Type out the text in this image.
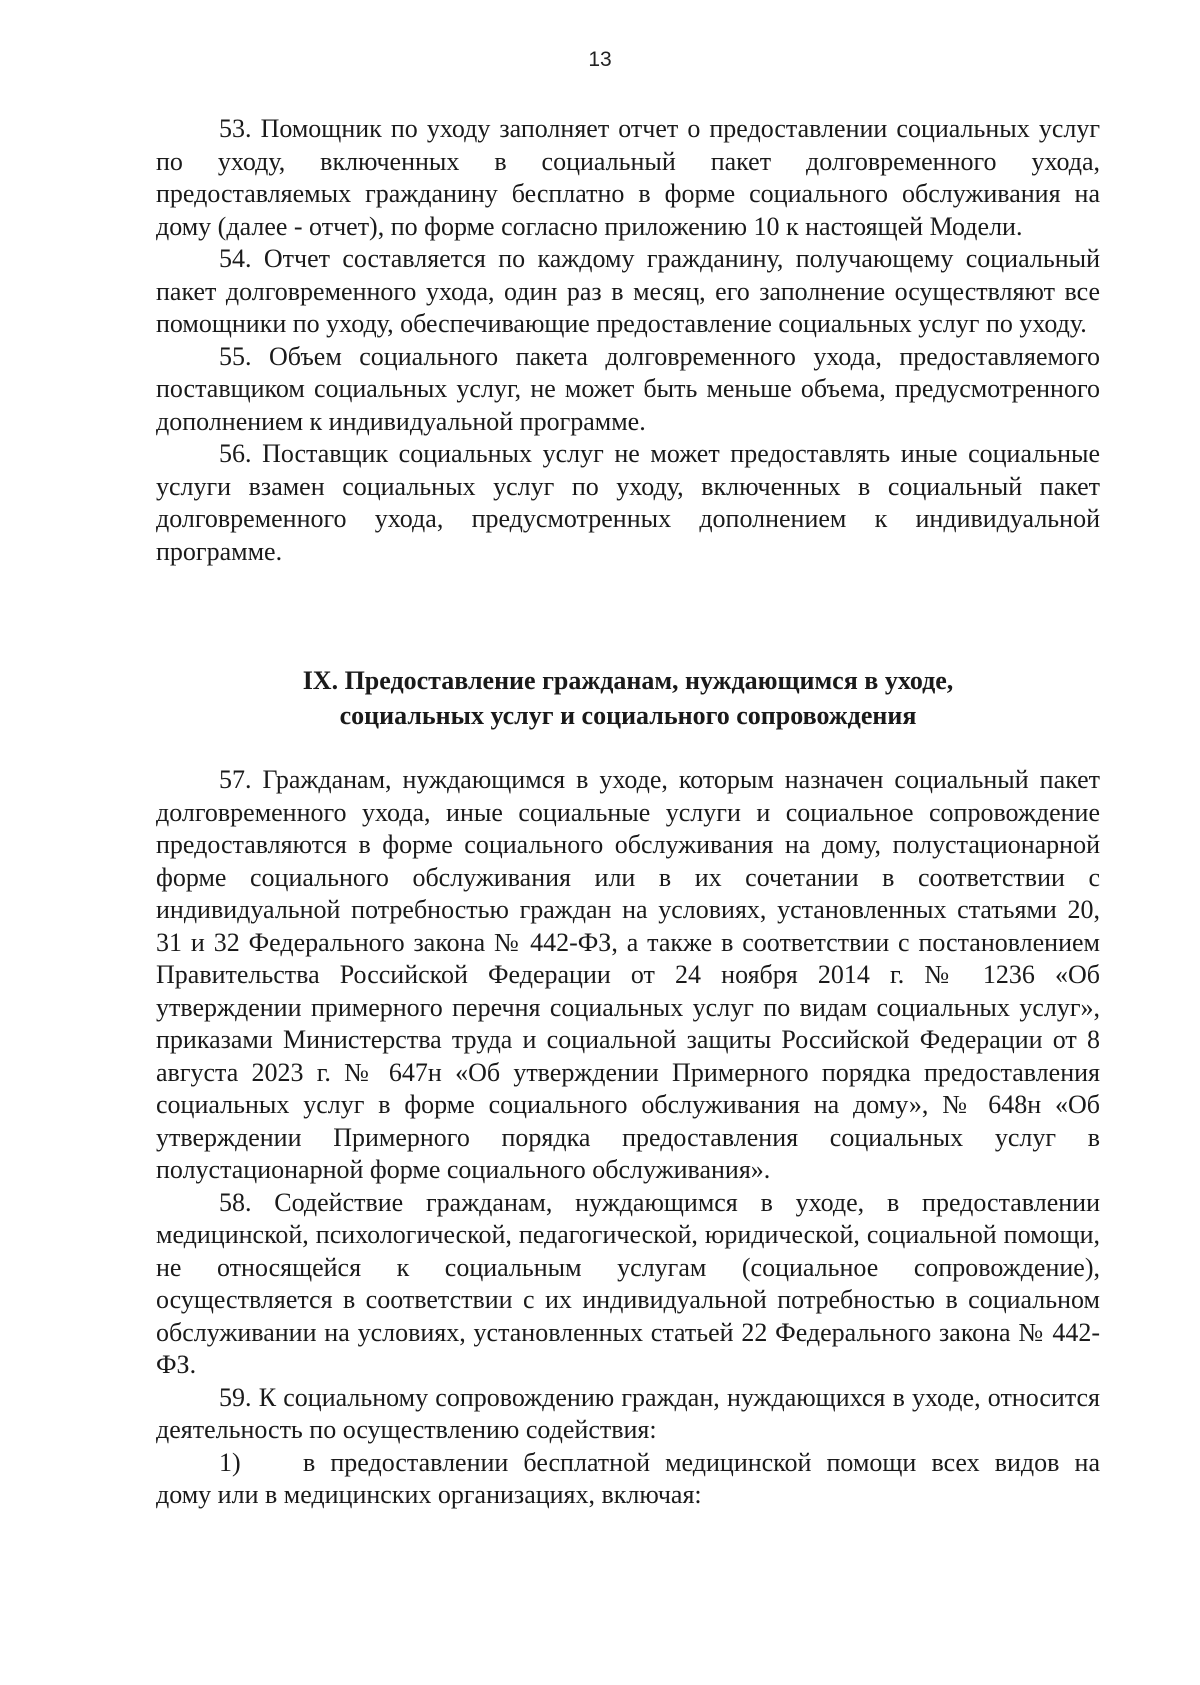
13

53. Помощник по уходу заполняет отчет о предоставлении социальных услуг по уходу, включенных в социальный пакет долговременного ухода, предоставляемых гражданину бесплатно в форме социального обслуживания на дому (далее - отчет), по форме согласно приложению 10 к настоящей Модели.

54. Отчет составляется по каждому гражданину, получающему социальный пакет долговременного ухода, один раз в месяц, его заполнение осуществляют все помощники по уходу, обеспечивающие предоставление социальных услуг по уходу.

55. Объем социального пакета долговременного ухода, предоставляемого поставщиком социальных услуг, не может быть меньше объема, предусмотренного дополнением к индивидуальной программе.

56. Поставщик социальных услуг не может предоставлять иные социальные услуги взамен социальных услуг по уходу, включенных в социальный пакет долговременного ухода, предусмотренных дополнением к индивидуальной программе.

IX. Предоставление гражданам, нуждающимся в уходе,
социальных услуг и социального сопровождения

57. Гражданам, нуждающимся в уходе, которым назначен социальный пакет долговременного ухода, иные социальные услуги и социальное сопровождение предоставляются в форме социального обслуживания на дому, полустационарной форме социального обслуживания или в их сочетании в соответствии с индивидуальной потребностью граждан на условиях, установленных статьями 20, 31 и 32 Федерального закона № 442-ФЗ, а также в соответствии с постановлением Правительства Российской Федерации от 24 ноября 2014 г. № 1236 «Об утверждении примерного перечня социальных услуг по видам социальных услуг», приказами Министерства труда и социальной защиты Российской Федерации от 8 августа 2023 г. № 647н «Об утверждении Примерного порядка предоставления социальных услуг в форме социального обслуживания на дому», № 648н «Об утверждении Примерного порядка предоставления социальных услуг в полустационарной форме социального обслуживания».

58. Содействие гражданам, нуждающимся в уходе, в предоставлении медицинской, психологической, педагогической, юридической, социальной помощи, не относящейся к социальным услугам (социальное сопровождение), осуществляется в соответствии с их индивидуальной потребностью в социальном обслуживании на условиях, установленных статьей 22 Федерального закона № 442-ФЗ.

59. К социальному сопровождению граждан, нуждающихся в уходе, относится деятельность по осуществлению содействия:

1) в предоставлении бесплатной медицинской помощи всех видов на дому или в медицинских организациях, включая:
